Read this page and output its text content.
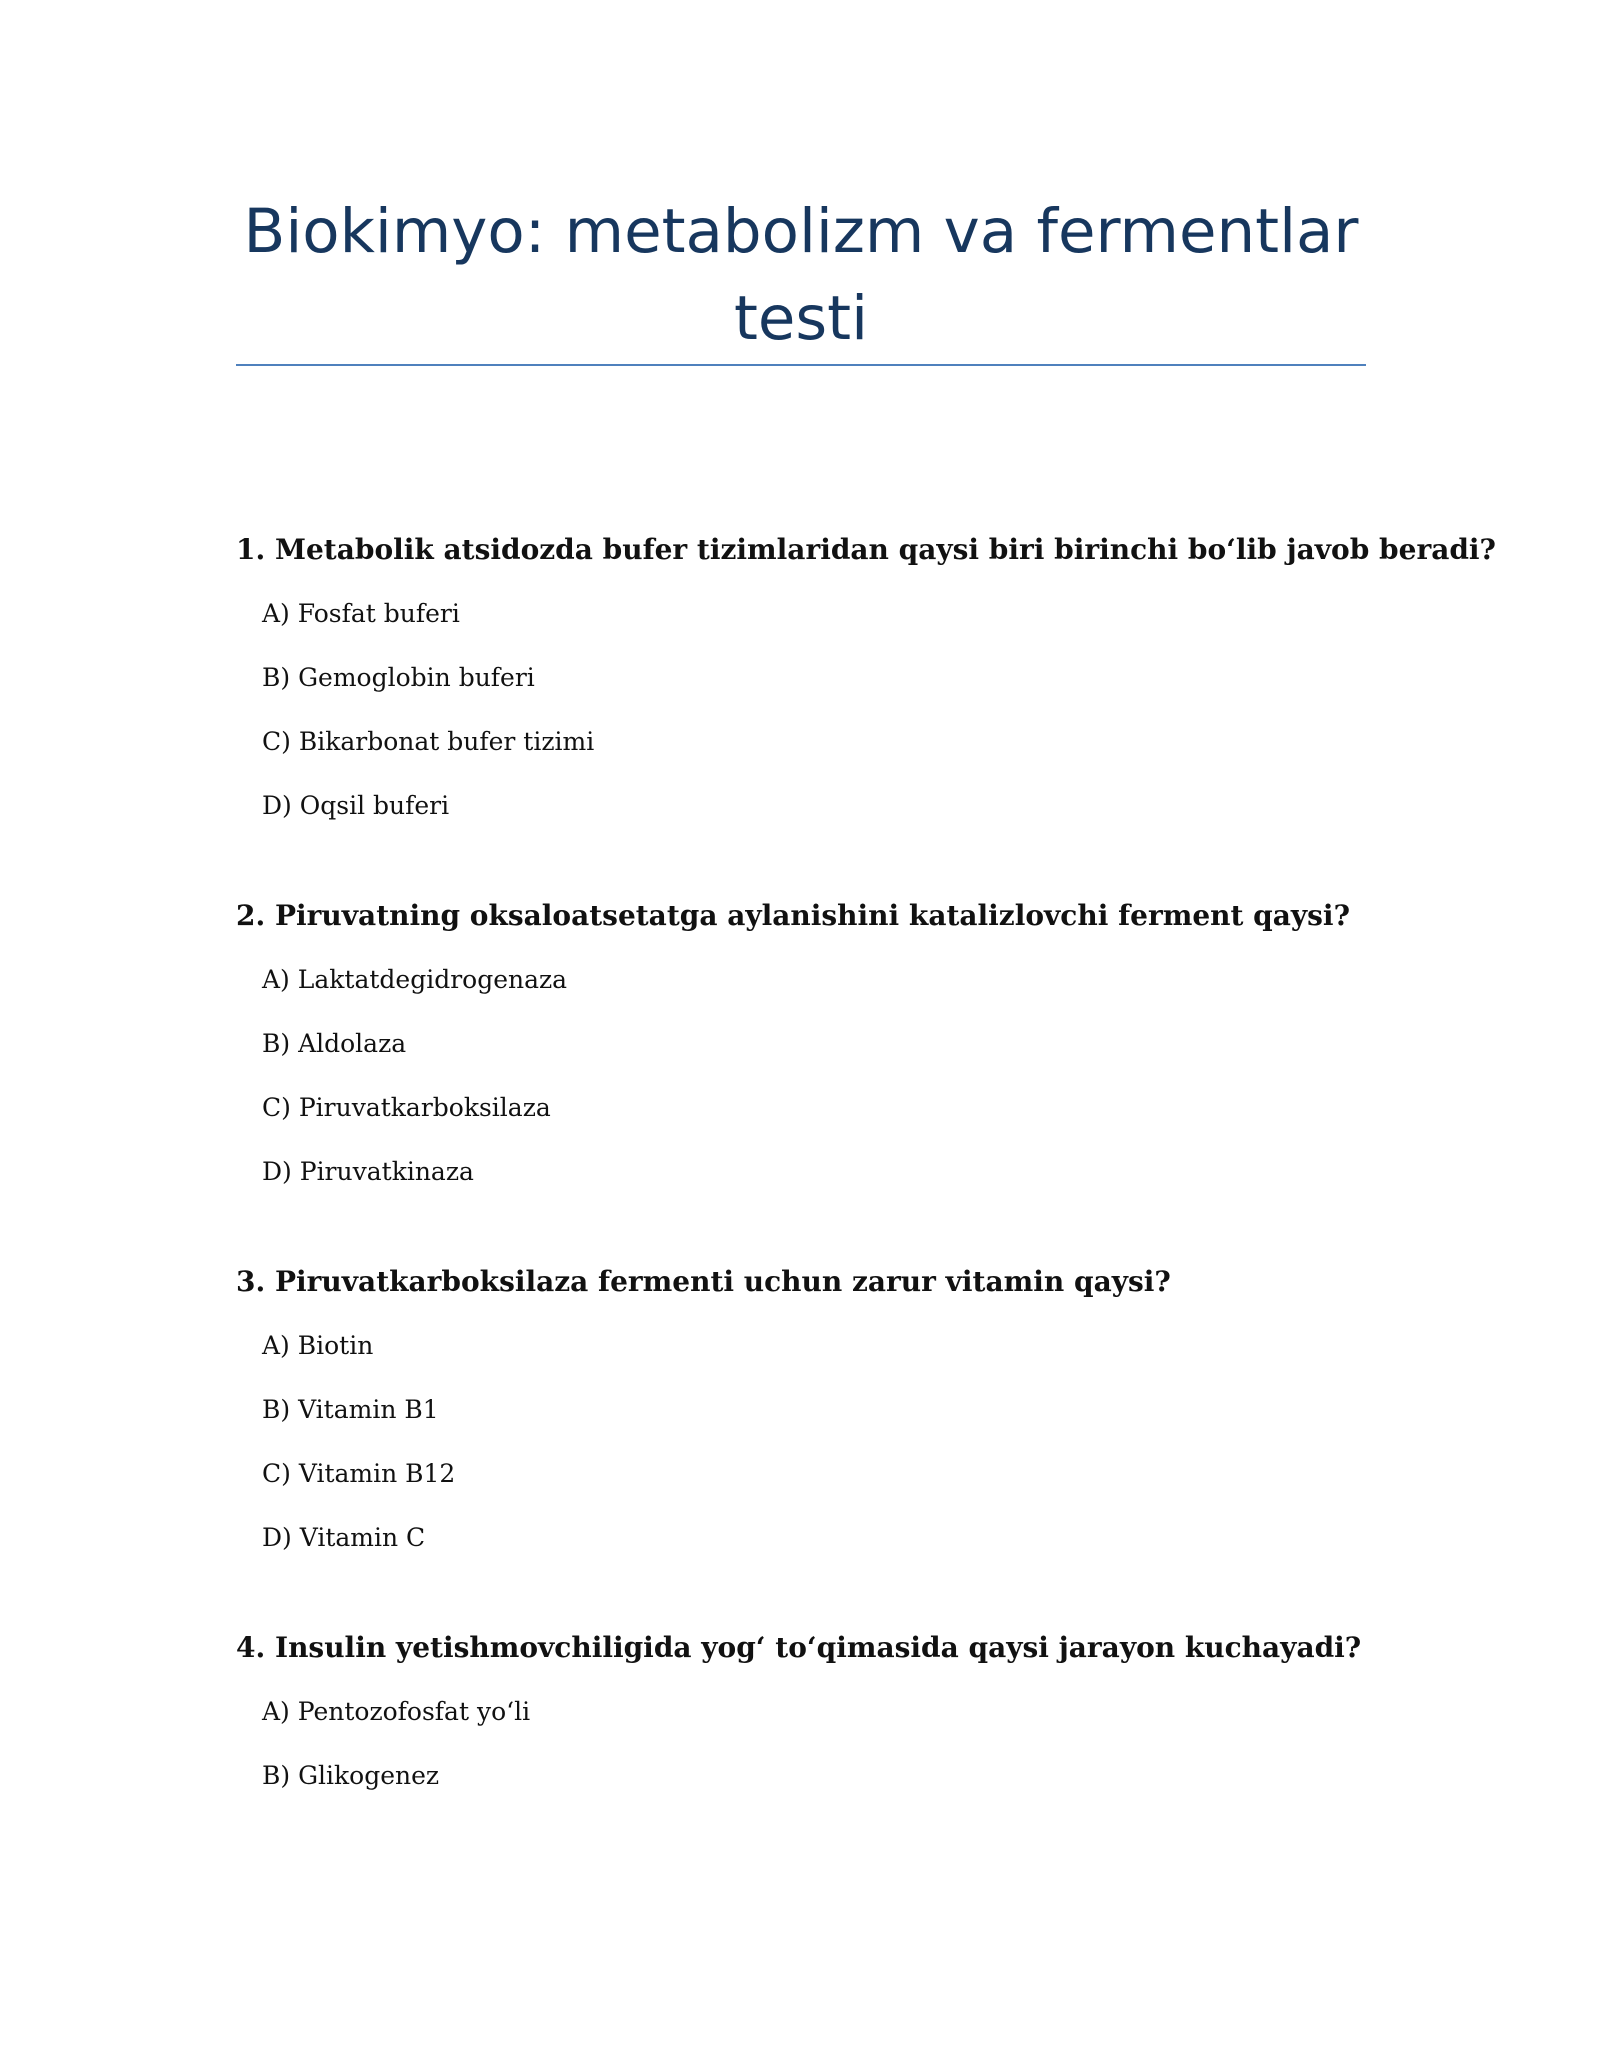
Biokimyo: metabolizm va fermentlar testi

1. Metabolik atsidozda bufer tizimlaridan qaysi biri birinchi bo‘lib javob beradi?

A) Fosfat buferi

B) Gemoglobin buferi

C) Bikarbonat bufer tizimi

D) Oqsil buferi

2. Piruvatning oksaloatsetatga aylanishini katalizlovchi ferment qaysi?

A) Laktatdegidrogenaza

B) Aldolaza

C) Piruvatkarboksilaza

D) Piruvatkinaza

3. Piruvatkarboksilaza fermenti uchun zarur vitamin qaysi?

A) Biotin

B) Vitamin B1

C) Vitamin B12

D) Vitamin C

4. Insulin yetishmovchiligida yog‘ to‘qimasida qaysi jarayon kuchayadi?

A) Pentozofosfat yo‘li

B) Glikogenez
